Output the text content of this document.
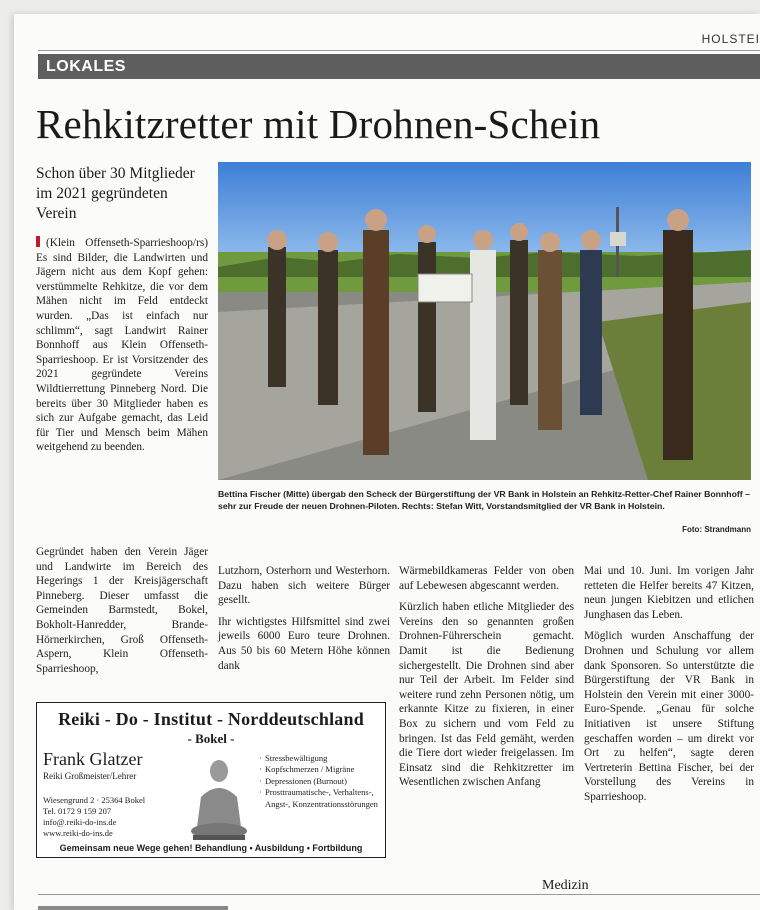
HOLSTEI
LOKALES
Rehkitzretter mit Drohnen-Schein
Schon über 30 Mitglieder im 2021 gegründeten Verein
(Klein Offenseth-Sparrieshoop/rs) Es sind Bilder, die Landwirten und Jägern nicht aus dem Kopf gehen: verstümmelte Rehkitze, die vor dem Mähen nicht im Feld entdeckt wurden. „Das ist einfach nur schlimm“, sagt Landwirt Rainer Bonnhoff aus Klein Offenseth-Sparrieshoop. Er ist Vorsitzender des 2021 gegründete Vereins Wildtierrettung Pinneberg Nord. Die bereits über 30 Mitglieder haben es sich zur Aufgabe gemacht, das Leid für Tier und Mensch beim Mähen weitgehend zu beenden.
Bettina Fischer (Mitte) übergab den Scheck der Bürgerstiftung der VR Bank in Holstein an Rehkitz-Retter-Chef Rainer Bonnhoff – sehr zur Freude der neuen Drohnen-Piloten. Rechts: Stefan Witt, Vorstandsmitglied der VR Bank in Holstein.
Foto: Strandmann
Gegründet haben den Verein Jäger und Landwirte im Bereich des Hegerings 1 der Kreisjägerschaft Pinneberg. Dieser umfasst die Gemeinden Barmstedt, Bokel, Bokholt-Hanredder, Brande-Hörnerkirchen, Groß Offenseth-Aspern, Klein Offenseth-Sparrieshoop,

Lutzhorn, Osterhorn und Westerhorn. Dazu haben sich weitere Bürger gesellt.

Ihr wichtigstes Hilfsmittel sind zwei jeweils 6000 Euro teure Drohnen. Aus 50 bis 60 Metern Höhe können dank

Wärmebildkameras Felder von oben auf Lebewesen abgescannt werden.

Kürzlich haben etliche Mitglieder des Vereins den so genannten großen Drohnen-Führerschein gemacht. Damit ist die Bedienung sichergestellt. Die Drohnen sind aber nur Teil der Arbeit. Im Felder sind weitere rund zehn Personen nötig, um erkannte Kitze zu fixieren, in einer Box zu sichern und vom Feld zu bringen. Ist das Feld gemäht, werden die Tiere dort wieder freigelassen. Im Einsatz sind die Rehkitzretter im Wesentlichen zwischen Anfang

Mai und 10. Juni. Im vorigen Jahr retteten die Helfer bereits 47 Kitzen, neun jungen Kiebitzen und etlichen Junghasen das Leben.

Möglich wurden Anschaffung der Drohnen und Schulung vor allem dank Sponsoren. So unterstützte die Bürgerstiftung der VR Bank in Holstein den Verein mit einer 3000-Euro-Spende. „Genau für solche Initiativen ist unsere Stiftung geschaffen worden – um direkt vor Ort zu helfen“, sagte deren Vertreterin Bettina Fischer, bei der Vorstellung des Vereins in Sparrieshoop.

Reiki - Do - Institut - Norddeutschland
- Bokel -
Frank Glatzer
Reiki Großmeister/Lehrer
Wiesengrund 2 · 25364 Bokel
Tel. 0172 9 159 207
info@.reiki-do-ins.de
www.reiki-do-ins.de
· Stressbewältigung
· Kopfschmerzen / Migräne
· Depressionen (Burnout)
· Prosttraumatische-, Verhaltens-, Angst-, Konzentrationsstörungen
Gemeinsam neue Wege gehen! Behandlung • Ausbildung • Fortbildung
Medizin
